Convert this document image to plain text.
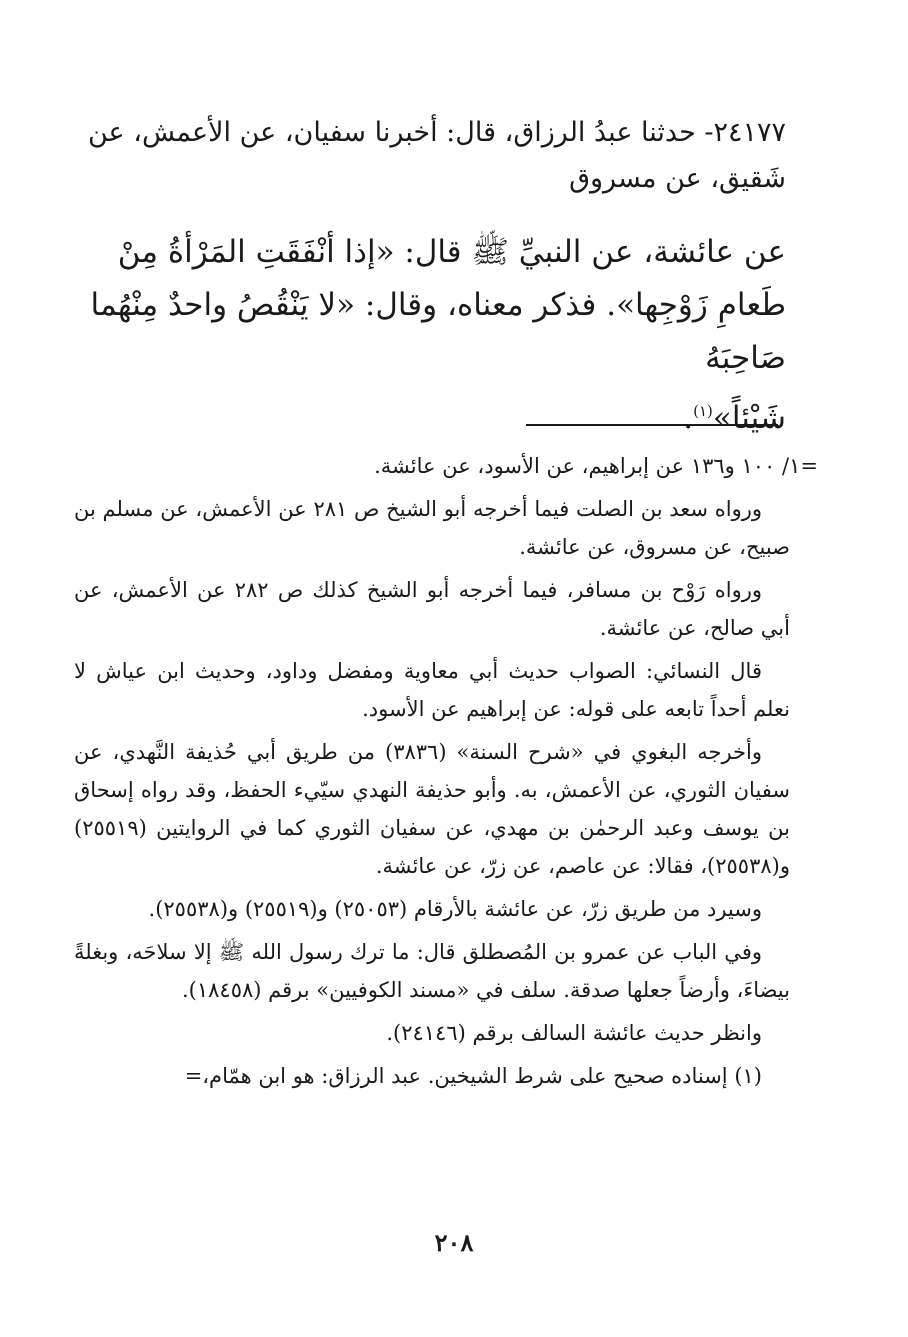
٢٤١٧٧- حدثنا عبدُ الرزاق، قال: أخبرنا سفيان، عن الأعمش، عن شَقيق، عن مسروق

عن عائشة، عن النبيِّ ﷺ قال: «إذا أنْفَقَتِ المَرْأةُ مِنْ طَعامِ زَوْجِها». فذكر معناه، وقال: «لا يَنْقُصُ واحدٌ مِنْهُما صَاحِبَهُ

شَيْئاً»$^{(١)}$.

=١/ ١٠٠ و١٣٦ عن إبراهيم، عن الأسود، عن عائشة.

ورواه سعد بن الصلت فيما أخرجه أبو الشيخ ص ٢٨١ عن الأعمش، عن مسلم بن صبيح، عن مسروق، عن عائشة.

ورواه رَوْح بن مسافر، فيما أخرجه أبو الشيخ كذلك ص ٢٨٢ عن الأعمش، عن أبي صالح، عن عائشة.

قال النسائي: الصواب حديث أبي معاوية ومفضل وداود، وحديث ابن عياش لا نعلم أحداً تابعه على قوله: عن إبراهيم عن الأسود.

وأخرجه البغوي في «شرح السنة» (٣٨٣٦) من طريق أبي حُذيفة النَّهدي، عن سفيان الثوري، عن الأعمش، به. وأبو حذيفة النهدي سيّيء الحفظ، وقد رواه إسحاق بن يوسف وعبد الرحمٰن بن مهدي، عن سفيان الثوري كما في الروايتين (٢٥٥١٩) و(٢٥٥٣٨)، فقالا: عن عاصم، عن زرّ، عن عائشة.

وسيرد من طريق زرّ، عن عائشة بالأرقام (٢٥٠٥٣) و(٢٥٥١٩) و(٢٥٥٣٨).

وفي الباب عن عمرو بن المُصطلق قال: ما ترك رسول الله ﷺ إلا سلاحَه، وبغلةً بيضاءَ، وأرضاً جعلها صدقة. سلف في «مسند الكوفيين» برقم (١٨٤٥٨).

وانظر حديث عائشة السالف برقم (٢٤١٤٦).

(١) إسناده صحيح على شرط الشيخين. عبد الرزاق: هو ابن همّام،=

٢٠٨
